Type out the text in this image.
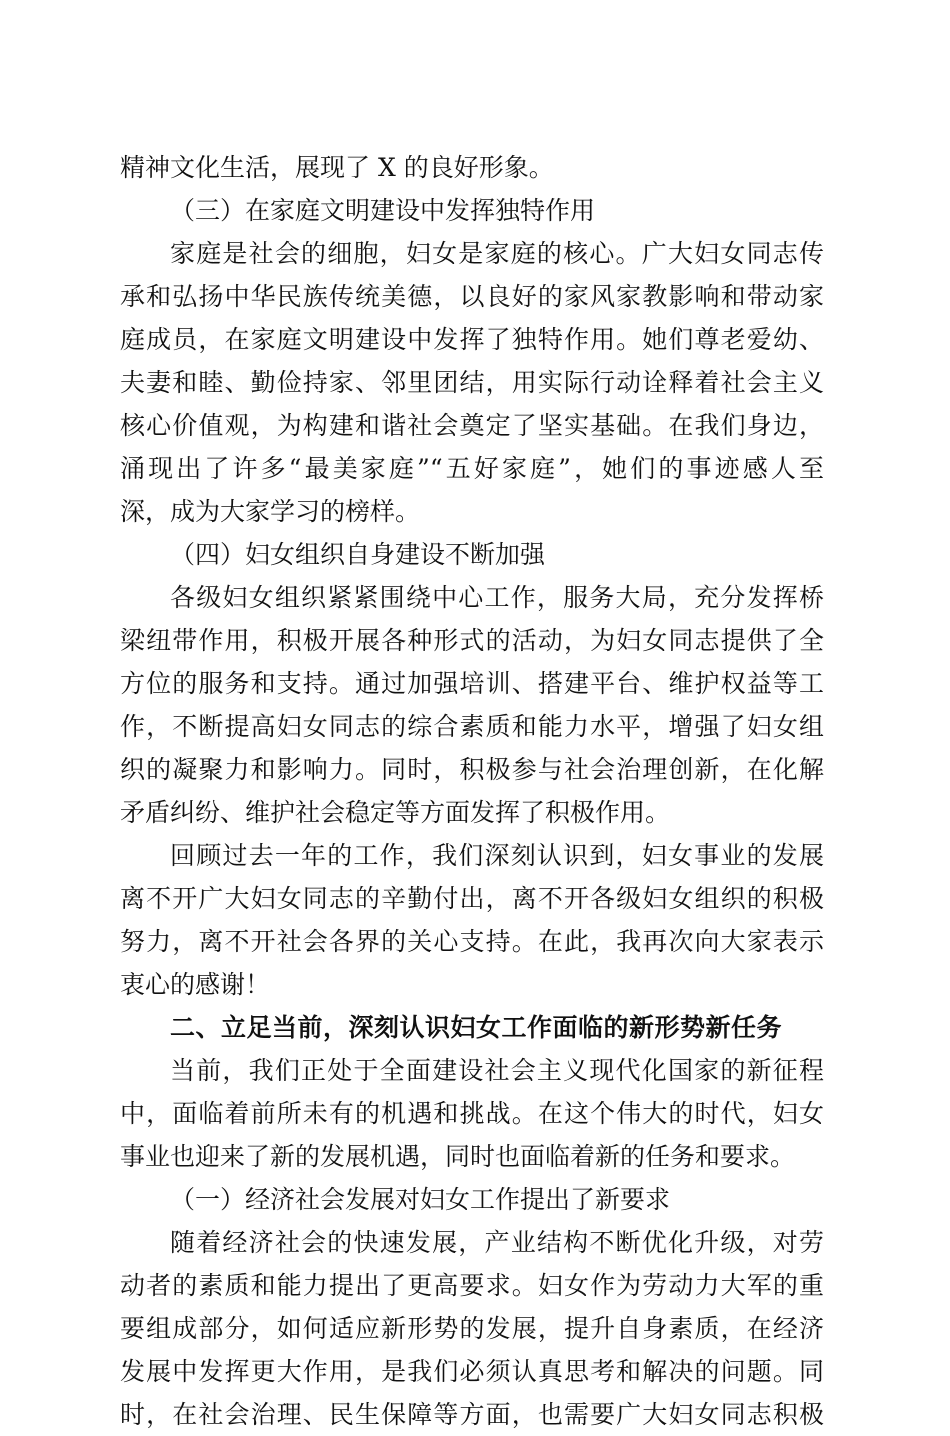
精神文化生活，展现了 X 的良好形象。
（三）在家庭文明建设中发挥独特作用
家庭是社会的细胞，妇女是家庭的核心。广大妇女同志传
承和弘扬中华民族传统美德，以良好的家风家教影响和带动家
庭成员，在家庭文明建设中发挥了独特作用。她们尊老爱幼、
夫妻和睦、勤俭持家、邻里团结，用实际行动诠释着社会主义
核心价值观，为构建和谐社会奠定了坚实基础。在我们身边，
涌现出了许多“最美家庭”“五好家庭”，她们的事迹感人至
深，成为大家学习的榜样。
（四）妇女组织自身建设不断加强
各级妇女组织紧紧围绕中心工作，服务大局，充分发挥桥
梁纽带作用，积极开展各种形式的活动，为妇女同志提供了全
方位的服务和支持。通过加强培训、搭建平台、维护权益等工
作，不断提高妇女同志的综合素质和能力水平，增强了妇女组
织的凝聚力和影响力。同时，积极参与社会治理创新，在化解
矛盾纠纷、维护社会稳定等方面发挥了积极作用。
回顾过去一年的工作，我们深刻认识到，妇女事业的发展
离不开广大妇女同志的辛勤付出，离不开各级妇女组织的积极
努力，离不开社会各界的关心支持。在此，我再次向大家表示
衷心的感谢！
二、立足当前，深刻认识妇女工作面临的新形势新任务
当前，我们正处于全面建设社会主义现代化国家的新征程
中，面临着前所未有的机遇和挑战。在这个伟大的时代，妇女
事业也迎来了新的发展机遇，同时也面临着新的任务和要求。
（一）经济社会发展对妇女工作提出了新要求
随着经济社会的快速发展，产业结构不断优化升级，对劳
动者的素质和能力提出了更高要求。妇女作为劳动力大军的重
要组成部分，如何适应新形势的发展，提升自身素质，在经济
发展中发挥更大作用，是我们必须认真思考和解决的问题。同
时，在社会治理、民生保障等方面，也需要广大妇女同志积极
